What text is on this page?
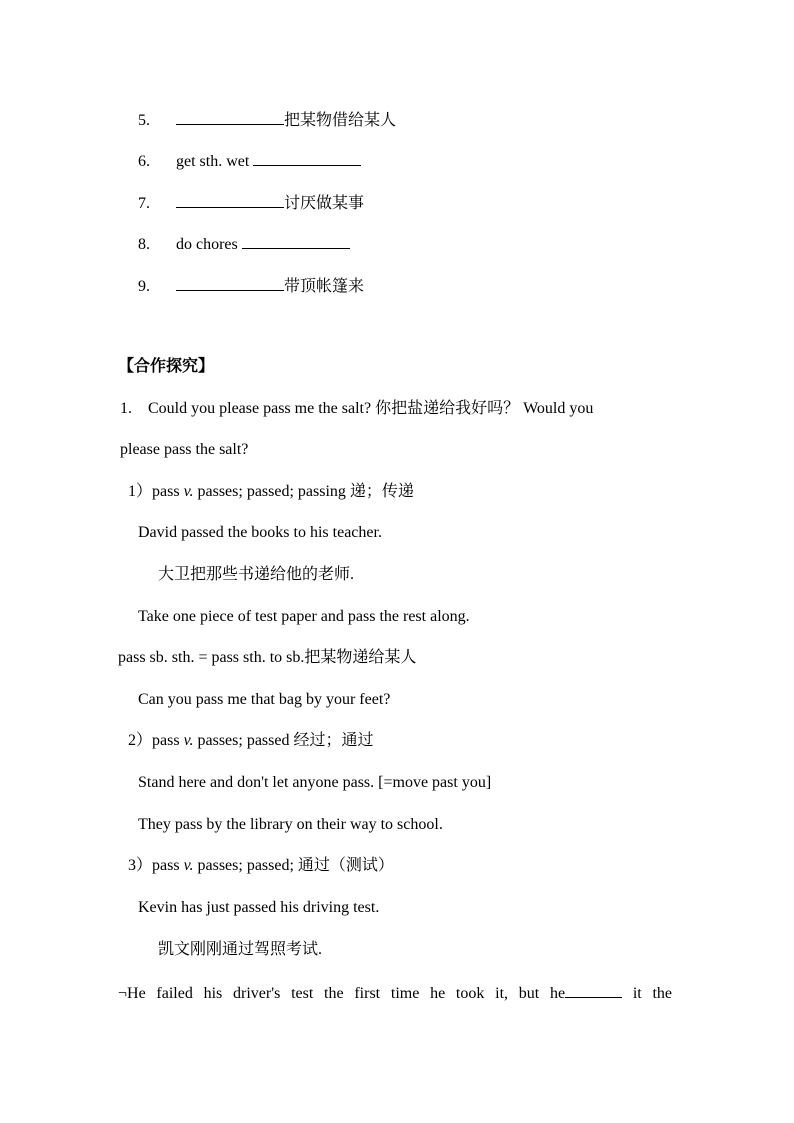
5.	把某物借给某人
6. get sth. wet
7.	讨厌做某事
8. do chores
9.	带顶帐篷来
【合作探究】
1. Could you please pass me the salt? 你把盐递给我好吗？ Would you
please pass the salt?
1）pass v. passes; passed; passing 递；传递
David passed the books to his teacher.
大卫把那些书递给他的老师.
Take one piece of test paper and pass the rest along.
pass sb. sth. = pass sth. to sb.把某物递给某人
Can you pass me that bag by your feet?
2）pass v. passes; passed 经过；通过
Stand here and don't let anyone pass. [=move past you]
They pass by the library on their way to school.
3）pass v. passes; passed; 通过（测试）
Kevin has just passed his driving test.
凯文刚刚通过驾照考试.
¬He failed his driver's test the first time he took it, but he	it the
